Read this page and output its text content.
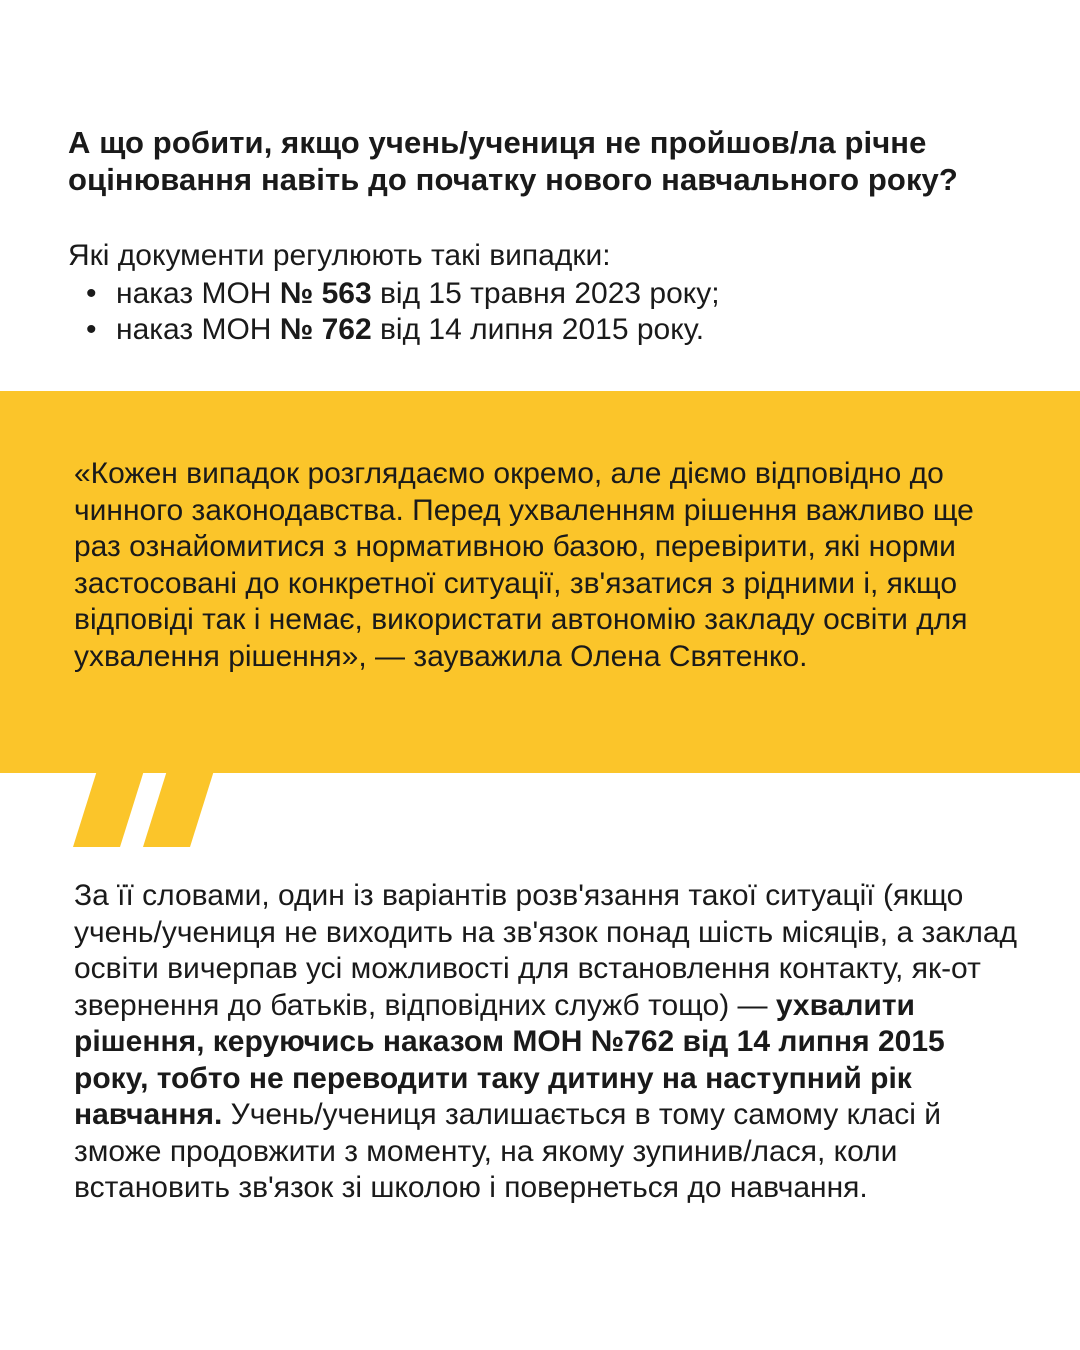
А що робити, якщо учень/учениця не пройшов/ла річне оцінювання навіть до початку нового навчального року?

Які документи регулюють такі випадки:

• наказ МОН № 563 від 15 травня 2023 року;
• наказ МОН № 762 від 14 липня 2015 року.

«Кожен випадок розглядаємо окремо, але діємо відповідно до чинного законодавства. Перед ухваленням рішення важливо ще раз ознайомитися з нормативною базою, перевірити, які норми застосовані до конкретної ситуації, зв'язатися з рідними і, якщо відповіді так і немає, використати автономію закладу освіти для ухвалення рішення», — зауважила Олена Святенко.

За її словами, один із варіантів розв'язання такої ситуації (якщо учень/учениця не виходить на зв'язок понад шість місяців, а заклад освіти вичерпав усі можливості для встановлення контакту, як-от звернення до батьків, відповідних служб тощо) — ухвалити рішення, керуючись наказом МОН №762 від 14 липня 2015 року, тобто не переводити таку дитину на наступний рік навчання. Учень/учениця залишається в тому самому класі й зможе продовжити з моменту, на якому зупинив/лася, коли встановить зв'язок зі школою і повернеться до навчання.
